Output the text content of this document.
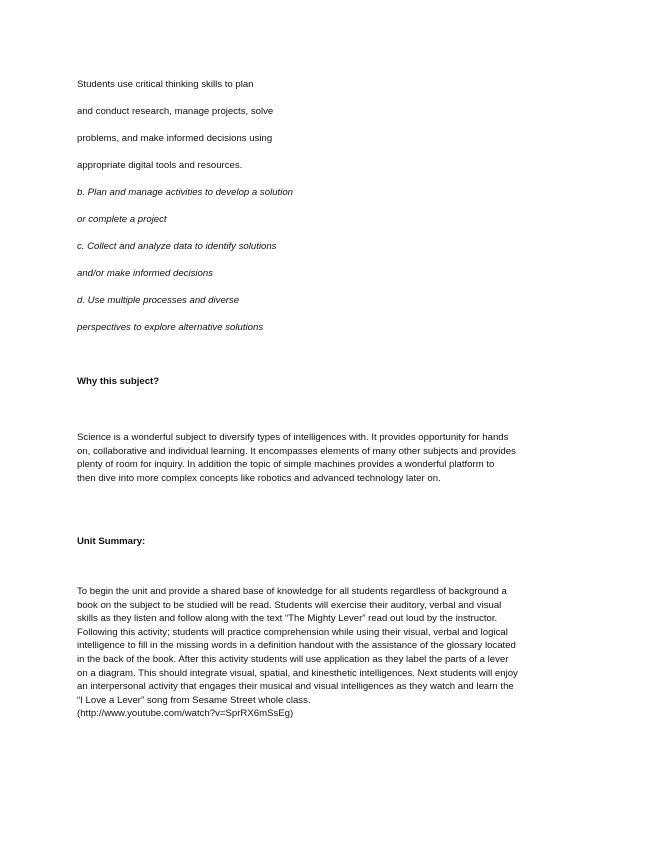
Students use critical thinking skills to plan
and conduct research, manage projects, solve
problems, and make informed decisions using
appropriate digital tools and resources.
b. Plan and manage activities to develop a solution
or complete a project
c. Collect and analyze data to identify solutions
and/or make informed decisions
d. Use multiple processes and diverse
perspectives to explore alternative solutions
Why this subject?
Science is a wonderful subject to diversify types of intelligences with. It provides opportunity for hands
on, collaborative and individual learning. It encompasses elements of many other subjects and provides
plenty of room for inquiry. In addition the topic of simple machines provides a wonderful platform to
then dive into more complex concepts like robotics and advanced technology later on.
Unit Summary:
To begin the unit and provide a shared base of knowledge for all students regardless of background a
book on the subject to be studied will be read. Students will exercise their auditory, verbal and visual
skills as they listen and follow along with the text “The Mighty Lever” read out loud by the instructor.
Following this activity; students will practice comprehension while using their visual, verbal and logical
intelligence to fill in the missing words in a definition handout with the assistance of the glossary located
in the back of the book. After this activity students will use application as they label the parts of a lever
on a diagram. This should integrate visual, spatial, and kinesthetic intelligences. Next students will enjoy
an interpersonal activity that engages their musical and visual intelligences as they watch and learn the
“I Love a Lever” song from Sesame Street whole class.
(http://www.youtube.com/watch?v=SprRX6mSsEg)
